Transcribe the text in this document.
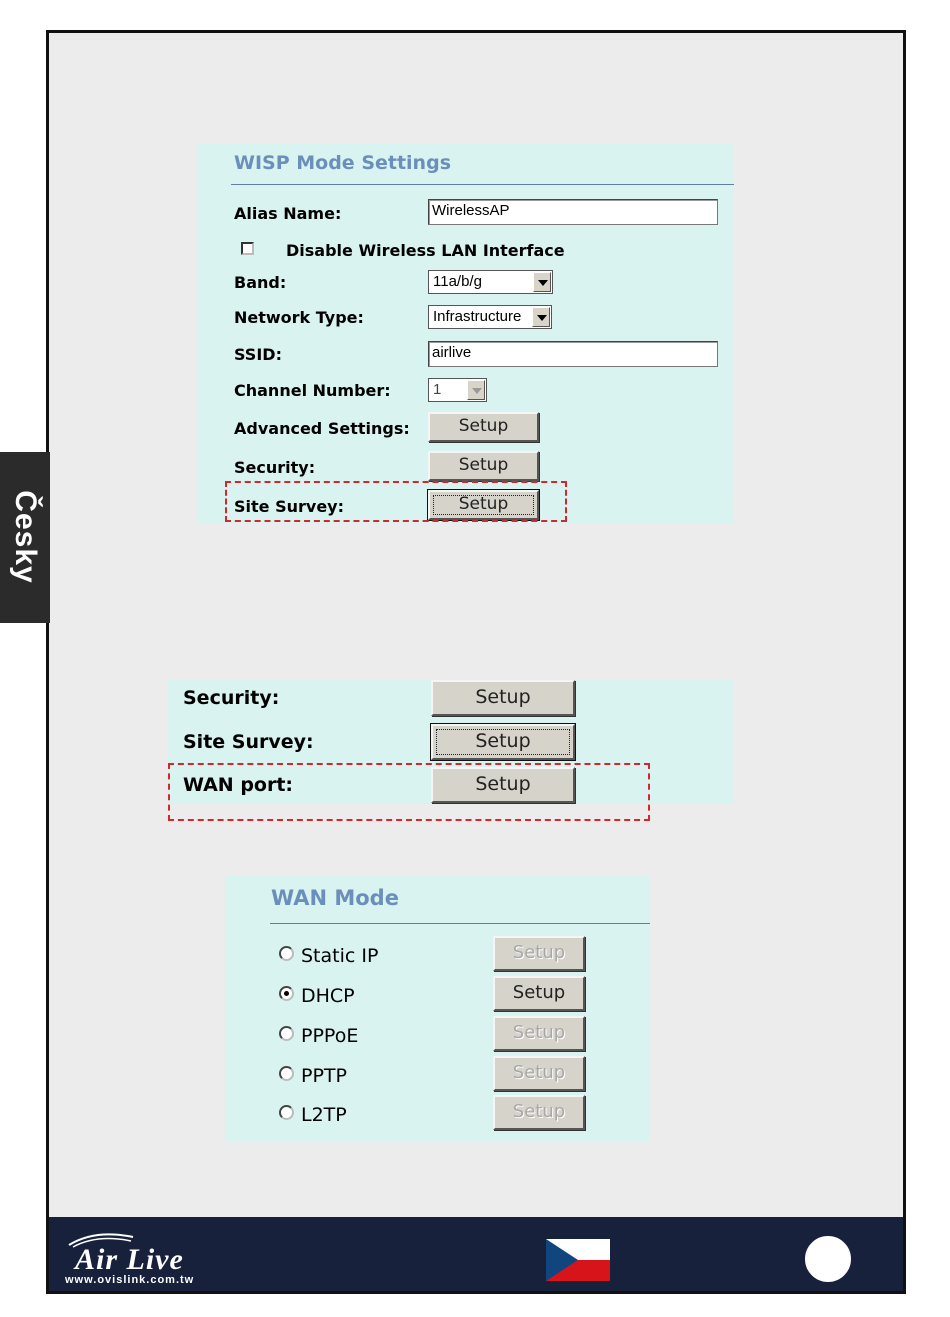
Česky
WISP Mode Settings
Alias Name:	WirelessAP
Disable Wireless LAN Interface
Band:	11a/b/g
Network Type:	Infrastructure
SSID:	airlive
Channel Number:	1
Advanced Settings:	Setup
Security:	Setup
Site Survey:	Setup
Security:	Setup
Site Survey:	Setup
WAN port:	Setup
WAN Mode
Static IP	Setup
DHCP	Setup
PPPoE	Setup
PPTP	Setup
L2TP	Setup
Air Live
www.ovislink.com.tw
